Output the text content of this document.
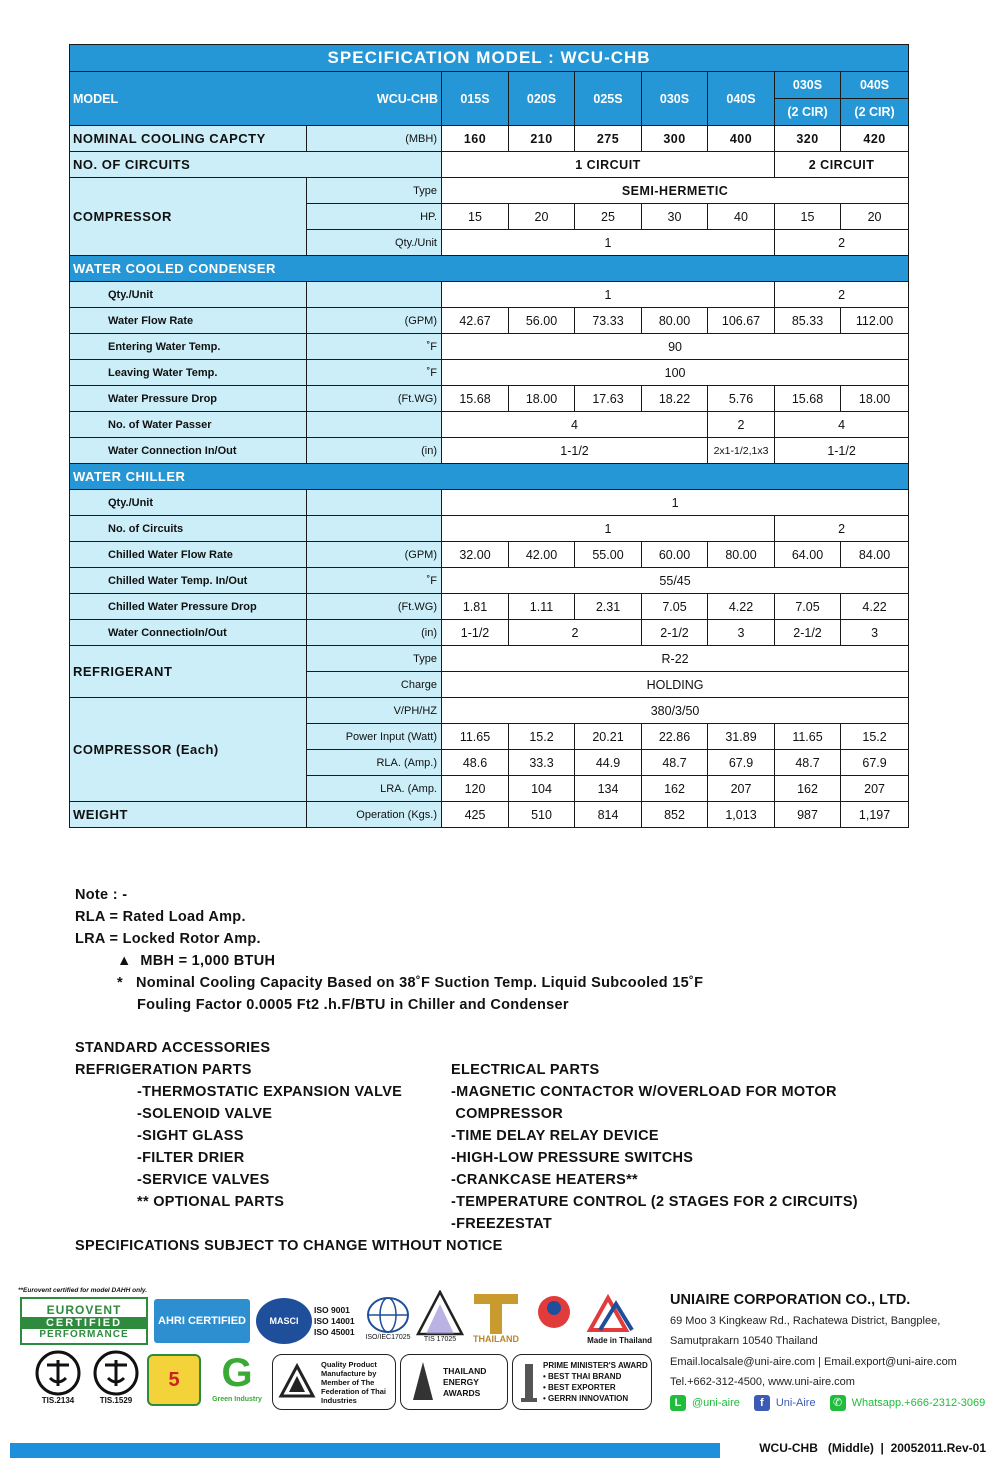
SPECIFICATION MODEL : WCU-CHB								

MODEL WCU-CHB		015S	020S	025S	030S	040S	030S	040S
							(2 CIR)	(2 CIR)
NOMINAL COOLING CAPCTY	(MBH)	160	210	275	300	400	320	420
NO. OF CIRCUITS		1 CIRCUIT					2 CIRCUIT	
COMPRESSOR	Type	SEMI-HERMETIC						
	HP.	15	20	25	30	40	15	20
	Qty./Unit	1					2	
WATER COOLED CONDENSER								
Qty./Unit		1					2	
Water Flow Rate	(GPM)	42.67	56.00	73.33	80.00	106.67	85.33	112.00
Entering Water Temp.	˚F	90						
Leaving Water Temp.	˚F	100						
Water Pressure Drop	(Ft.WG)	15.68	18.00	17.63	18.22	5.76	15.68	18.00
No. of Water Passer		4				2	4	
Water Connection In/Out	(in)	1-1/2				2x1-1/2,1x3	1-1/2	
WATER CHILLER								
Qty./Unit		1						
No. of Circuits		1					2	
Chilled Water Flow Rate	(GPM)	32.00	42.00	55.00	60.00	80.00	64.00	84.00
Chilled Water Temp. In/Out	˚F	55/45						
Chilled Water Pressure Drop	(Ft.WG)	1.81	1.11	2.31	7.05	4.22	7.05	4.22
Water ConnectioIn/Out	(in)	1-1/2	2		2-1/2	3	2-1/2	3
REFRIGERANT	Type	R-22						
	Charge	HOLDING						
COMPRESSOR (Each)	V/PH/HZ	380/3/50						
	Power Input (Watt)	11.65	15.2	20.21	22.86	31.89	11.65	15.2
	RLA. (Amp.)	48.6	33.3	44.9	48.7	67.9	48.7	67.9
	LRA. (Amp.	120	104	134	162	207	162	207
WEIGHT	Operation (Kgs.)	425	510	814	852	1,013	987	1,197
Note : -
RLA = Rated Load Amp.
LRA = Locked Rotor Amp.
▲ MBH = 1,000 BTUH
* Nominal Cooling Capacity Based on 38˚F Suction Temp. Liquid Subcooled 15˚F
Fouling Factor 0.0005 Ft2 .h.F/BTU in Chiller and Condenser
STANDARD ACCESSORIES
REFRIGERATION PARTS
-THERMOSTATIC EXPANSION VALVE
-SOLENOID VALVE
-SIGHT GLASS
-FILTER DRIER
-SERVICE VALVES
** OPTIONAL PARTS
SPECIFICATIONS SUBJECT TO CHANGE WITHOUT NOTICE
ELECTRICAL PARTS
-MAGNETIC CONTACTOR W/OVERLOAD FOR MOTOR
COMPRESSOR
-TIME DELAY RELAY DEVICE
-HIGH-LOW PRESSURE SWITCHS
-CRANKCASE HEATERS**
-TEMPERATURE CONTROL (2 STAGES FOR 2 CIRCUITS)
-FREEZESTAT
**Eurovent certified for model DAHH only.
EUROVENT
CERTIFIED
PERFORMANCE
AHRI CERTIFIED	MASCI
ISO 9001
ISO 14001
ISO 45001
ISO/IEC17025	TIS 17025	THAILAND	Made in Thailand
TIS.2134	TIS.1529
5	G
Green Industry
Quality Product Manufacture by Member of The Federation of Thai Industries
THAILAND ENERGY AWARDS
PRIME MINISTER'S AWARD
• BEST THAI BRAND
• BEST EXPORTER
• GERRN INNOVATION
UNIAIRE CORPORATION CO., LTD.
69 Moo 3 Kingkeaw Rd., Rachatewa District, Bangplee,
Samutprakarn 10540 Thailand
Email.localsale@uni-aire.com | Email.export@uni-aire.com
Tel.+662-312-4500, www.uni-aire.com
L @uni-aire	f	Uni-Aire	✆ Whatsapp.+666-2312-3069
WCU-CHB   (Middle)  |  20052011.Rev-01
